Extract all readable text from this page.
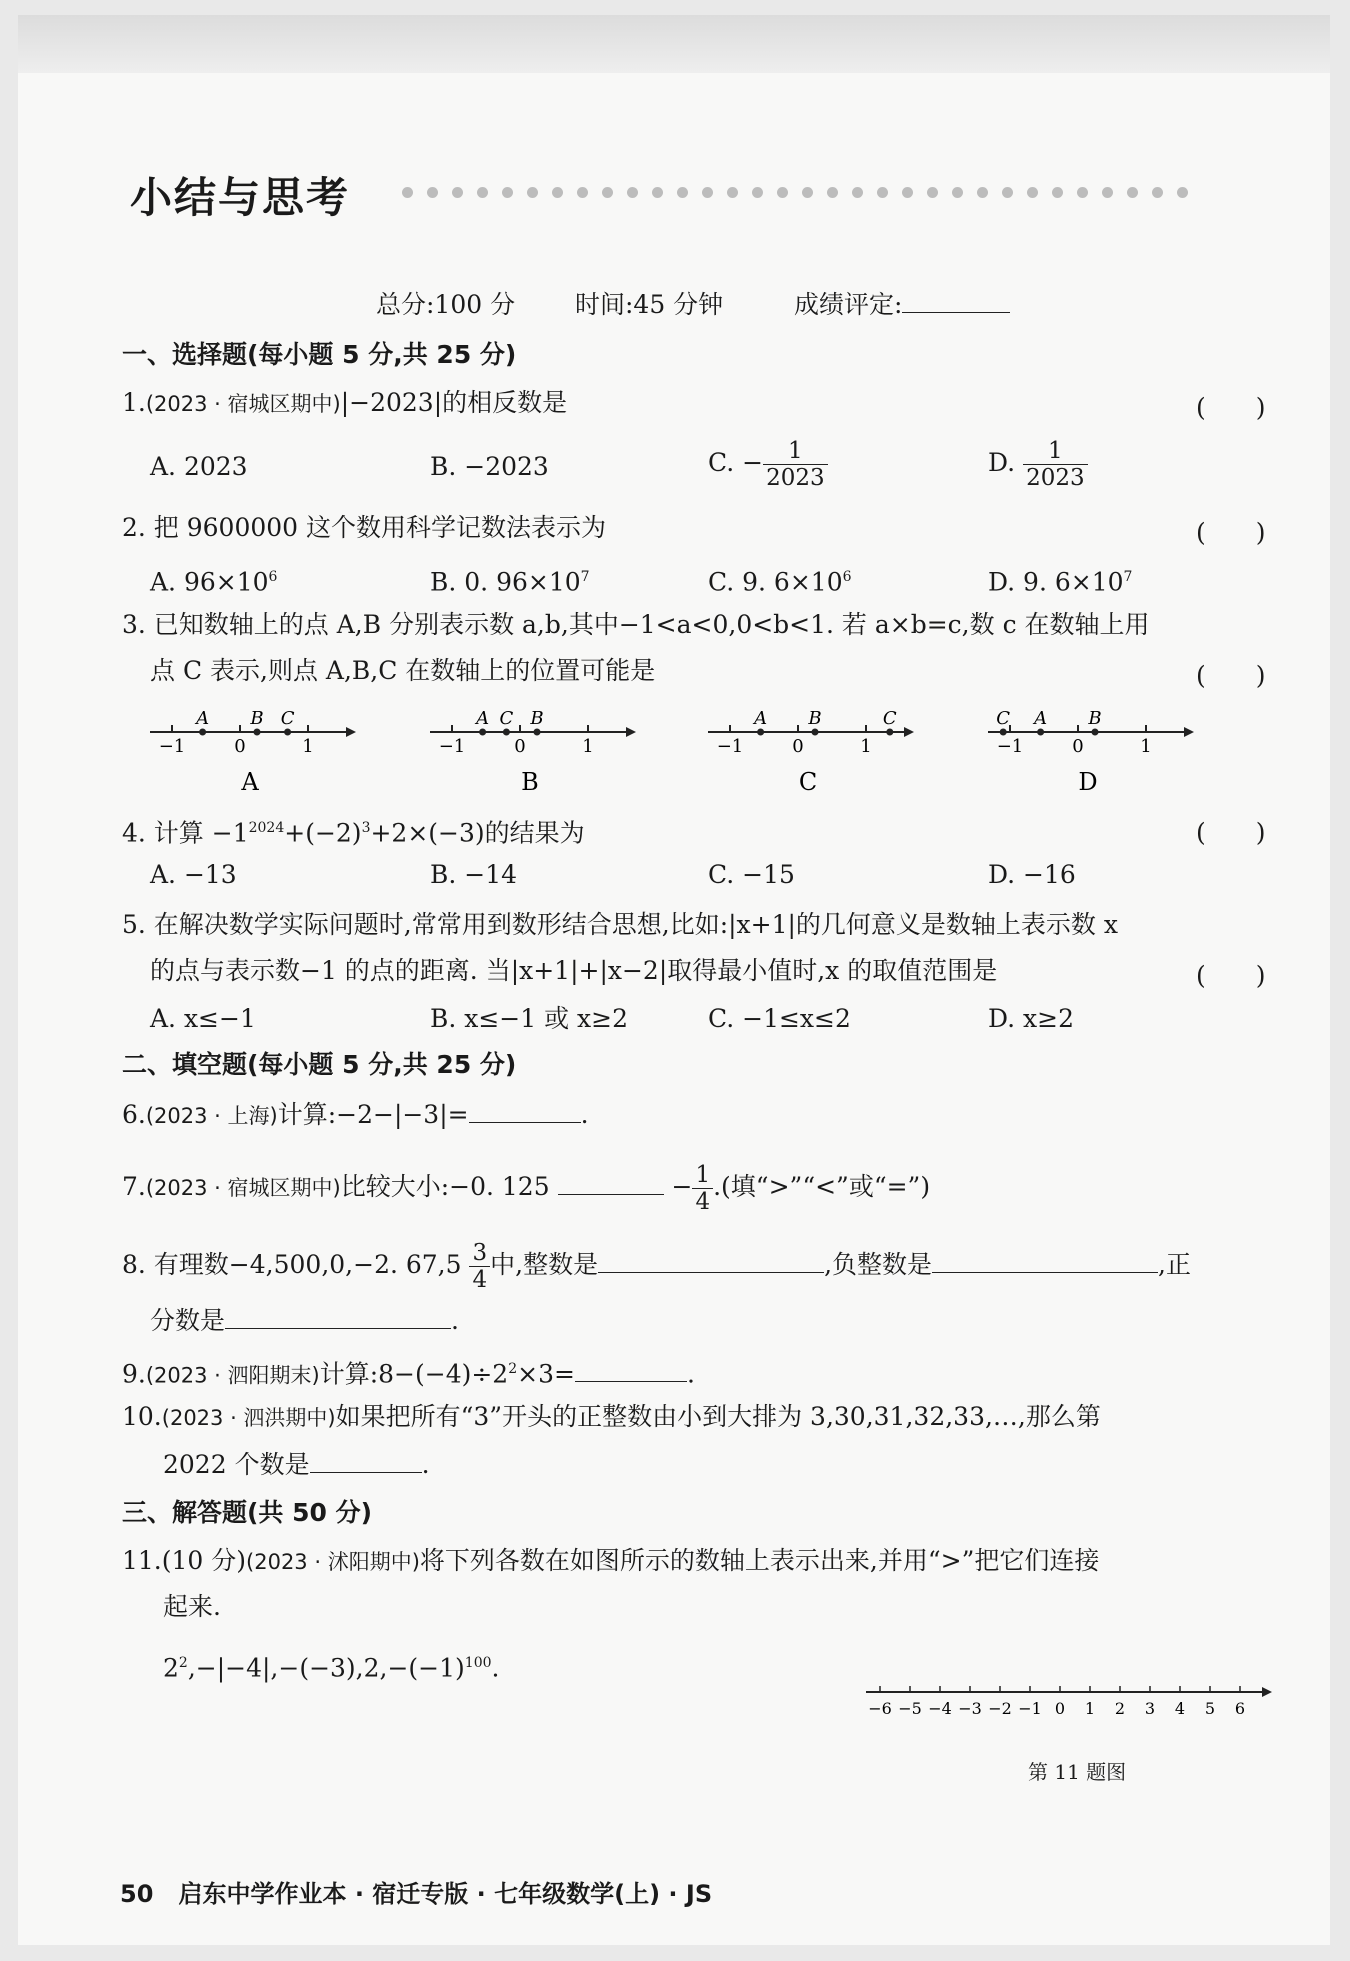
小结与思考
总分:100 分 时间:45 分钟	成绩评定:
一、选择题(每小题 5 分,共 25 分)
1.(2023 · 宿城区期中)|−2023|的相反数是	(　　)
A. 2023	B. −2023	C. − $\frac{1}{2023}$	D. $\frac{1}{2023}$
2. 把 9600000 这个数用科学记数法表示为	(　　)
A. $96\times 10^6$	B. 0. $96\times 10^7$	C. 9. $6\times 10^6$	D. 9. $6\times 10^7$
3. 已知数轴上的点 A,B 分别表示数 a,b,其中−1<a<0,0<b<1. 若 a×b=c,数 c 在数轴上用
点 C 表示,则点 A,B,C 在数轴上的位置可能是	(　　)
−1	0	1
A B C
A
−1	0	1
A C B
B
−1	0	1
A B	C
C
−1	0	1
C A B
D
4. 计算 $-1^{2024}+(-2)^3+2\times(-3)$的结果为	(　　)
A. −13	B. −14	C. −15	D. −16
5. 在解决数学实际问题时,常常用到数形结合思想,比如:|x+1|的几何意义是数轴上表示数 x
的点与表示数−1 的点的距离. 当|x+1|+|x−2|取得最小值时,x 的取值范围是	(　　)
A. x≤−1	B. x≤−1 或 x≥2	C. −1≤x≤2	D. x≥2
二、填空题(每小题 5 分,共 25 分)
6.(2023 · 上海)计算:−2−|−3|=	.
7.(2023 · 宿城区期中)比较大小:−0. 125	− $\frac{1}{4}$ .(填“>”“<”或“=”)
8. 有理数−4,500,0,−2. $67,5 \frac{3}{4}$ 中,整数是	,负整数是	,正
分数是	.
9.(2023 · 泗阳期末)计算$:8-(-4)\div 2^2\times 3=$	.
10.(2023 · 泗洪期中)如果把所有“3”开头的正整数由小到大排为 3,30,31,32,33,…,那么第
2022 个数是	.
三、解答题(共 50 分)
11.(10 分)(2023 · 沭阳期中)将下列各数在如图所示的数轴上表示出来,并用“>”把它们连接
起来.
$2^2,-|-4|,-(-3),2,-(-1)^{100}$.
−6 −5 −4 −3 −2 −1 0 1 2 3 4 5 6
第 11 题图
50 启东中学作业本 · 宿迁专版 · 七年级数学(上) · JS
